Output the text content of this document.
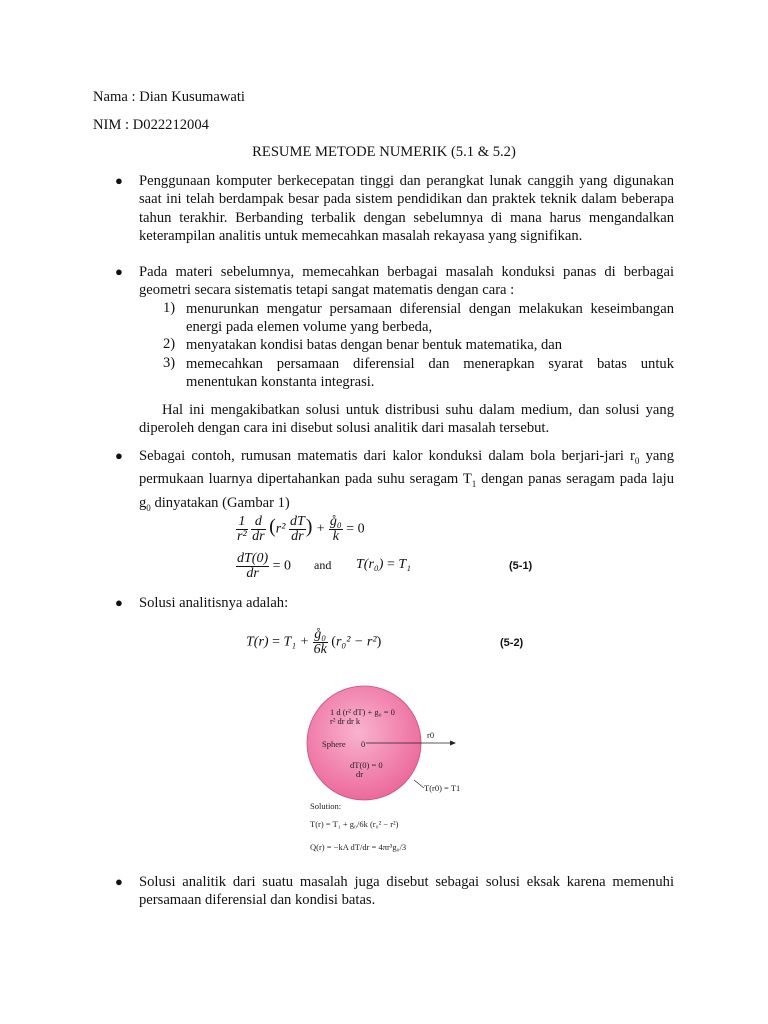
Nama : Dian Kusumawati
NIM : D022212004
RESUME METODE NUMERIK (5.1 & 5.2)
● Penggunaan komputer berkecepatan tinggi dan perangkat lunak canggih yang digunakan saat ini telah berdampak besar pada sistem pendidikan dan praktek teknik dalam beberapa tahun terakhir. Berbanding terbalik dengan sebelumnya di mana harus mengandalkan keterampilan analitis untuk memecahkan masalah rekayasa yang signifikan.
● Pada materi sebelumnya, memecahkan berbagai masalah konduksi panas di berbagai geometri secara sistematis tetapi sangat matematis dengan cara :
1) menurunkan mengatur persamaan diferensial dengan melakukan keseimbangan energi pada elemen volume yang berbeda,
2) menyatakan kondisi batas dengan benar bentuk matematika, dan
3) memecahkan persamaan diferensial dan menerapkan syarat batas untuk menentukan konstanta integrasi.
Hal ini mengakibatkan solusi untuk distribusi suhu dalam medium, dan solusi yang diperoleh dengan cara ini disebut solusi analitik dari masalah tersebut.
● Sebagai contoh, rumusan matematis dari kalor konduksi dalam bola berjari-jari $r_0$ yang permukaan luarnya dipertahankan pada suhu seragam $T_1$ dengan panas seragam pada laju $g_0$ dinyatakan (Gambar 1)
$\frac{1}{\text{r²}}$
$\frac{d}{dr} (r^2 \frac{dT}{dr}$ ) + $\frac{\text{g̊₀}}{k} = 0$
$\frac{dT(0)}{dr} = 0$ and T(r₀) = T₁	(5-1)
● Solusi analitisnya adalah:
$T(r) = T_1 + \frac{\text{g̊₀}}{6k} (r_0^2 - r^2)$	(5-2)
1 d (r² dT) + g₀ = 0
r² dr dr k
Sphere 0
r0
dT(0) = 0
dr
T(r0) = T1
Solution:
T(r) = T₁ + g₀/6k (r₀² − r²)
Q(r) = −kA dT/dr = 4πr³g₀/3
● Solusi analitik dari suatu masalah juga disebut sebagai solusi eksak karena memenuhi persamaan diferensial dan kondisi batas.
